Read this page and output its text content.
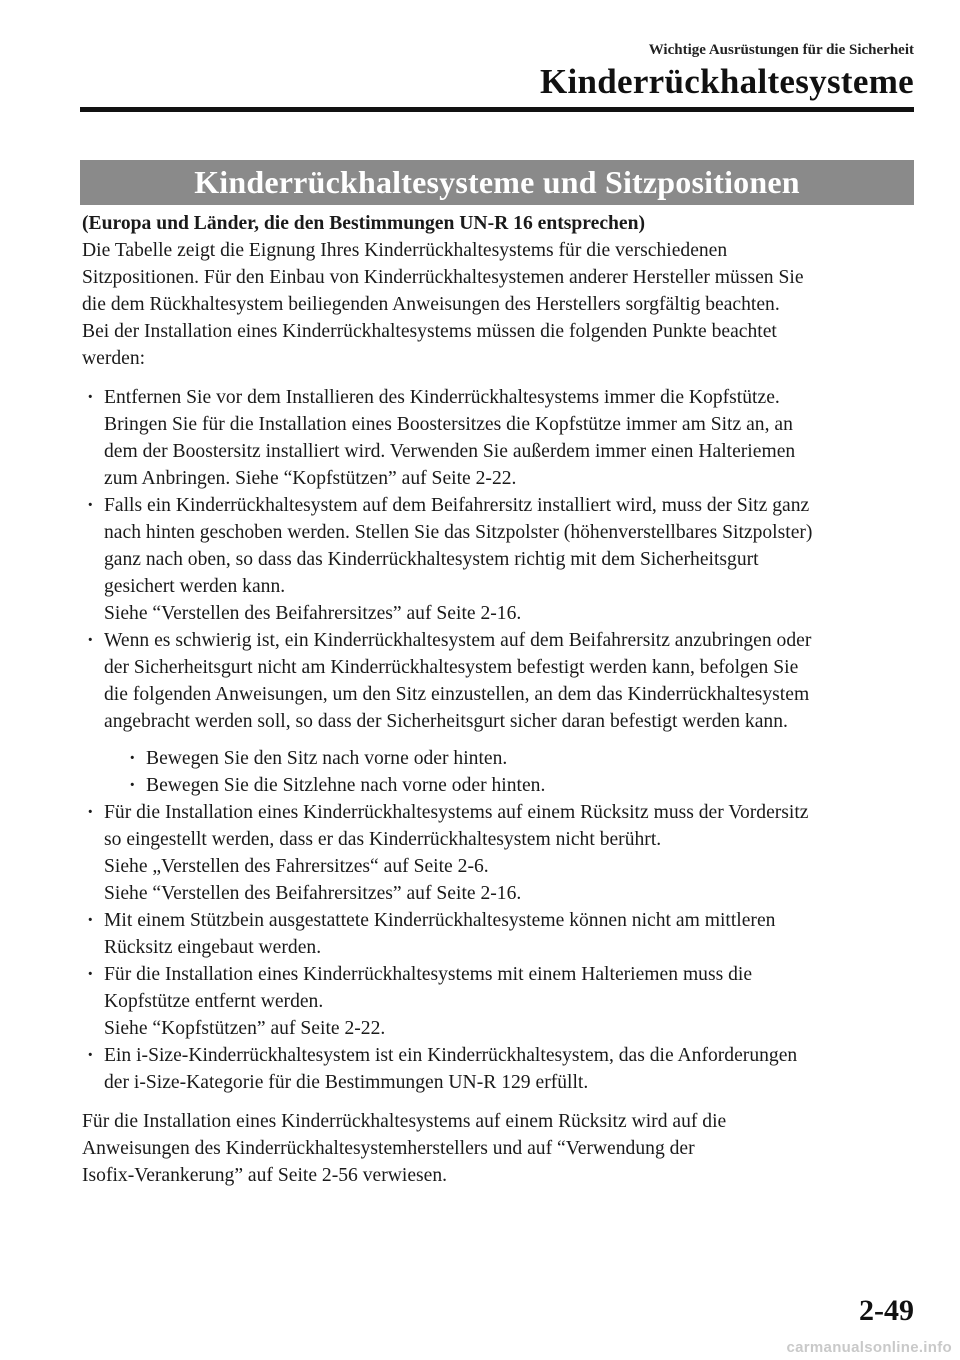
Wichtige Ausrüstungen für die Sicherheit
Kinderrückhaltesysteme
Kinderrückhaltesysteme und Sitzpositionen

(Europa und Länder, die den Bestimmungen UN-R 16 entsprechen)

Die Tabelle zeigt die Eignung Ihres Kinderrückhaltesystems für die verschiedenen
Sitzpositionen. Für den Einbau von Kinderrückhaltesystemen anderer Hersteller müssen Sie
die dem Rückhaltesystem beiliegenden Anweisungen des Herstellers sorgfältig beachten.
Bei der Installation eines Kinderrückhaltesystems müssen die folgenden Punkte beachtet
werden:

· Entfernen Sie vor dem Installieren des Kinderrückhaltesystems immer die Kopfstütze.
Bringen Sie für die Installation eines Boostersitzes die Kopfstütze immer am Sitz an, an
dem der Boostersitz installiert wird. Verwenden Sie außerdem immer einen Halteriemen
zum Anbringen. Siehe “Kopfstützen” auf Seite 2-22.
· Falls ein Kinderrückhaltesystem auf dem Beifahrersitz installiert wird, muss der Sitz ganz
nach hinten geschoben werden. Stellen Sie das Sitzpolster (höhenverstellbares Sitzpolster)
ganz nach oben, so dass das Kinderrückhaltesystem richtig mit dem Sicherheitsgurt
gesichert werden kann.
Siehe “Verstellen des Beifahrersitzes” auf Seite 2-16.
· Wenn es schwierig ist, ein Kinderrückhaltesystem auf dem Beifahrersitz anzubringen oder
der Sicherheitsgurt nicht am Kinderrückhaltesystem befestigt werden kann, befolgen Sie
die folgenden Anweisungen, um den Sitz einzustellen, an dem das Kinderrückhaltesystem
angebracht werden soll, so dass der Sicherheitsgurt sicher daran befestigt werden kann.
· Bewegen Sie den Sitz nach vorne oder hinten.
· Bewegen Sie die Sitzlehne nach vorne oder hinten.
· Für die Installation eines Kinderrückhaltesystems auf einem Rücksitz muss der Vordersitz
so eingestellt werden, dass er das Kinderrückhaltesystem nicht berührt.
Siehe „Verstellen des Fahrersitzes“ auf Seite 2-6.
Siehe “Verstellen des Beifahrersitzes” auf Seite 2-16.
· Mit einem Stützbein ausgestattete Kinderrückhaltesysteme können nicht am mittleren
Rücksitz eingebaut werden.
· Für die Installation eines Kinderrückhaltesystems mit einem Halteriemen muss die
Kopfstütze entfernt werden.
Siehe “Kopfstützen” auf Seite 2-22.
· Ein i-Size-Kinderrückhaltesystem ist ein Kinderrückhaltesystem, das die Anforderungen
der i-Size-Kategorie für die Bestimmungen UN-R 129 erfüllt.

Für die Installation eines Kinderrückhaltesystems auf einem Rücksitz wird auf die
Anweisungen des Kinderrückhaltesystemherstellers und auf “Verwendung der
Isofix-Verankerung” auf Seite 2-56 verwiesen.

2-49
carmanualsonline.info
